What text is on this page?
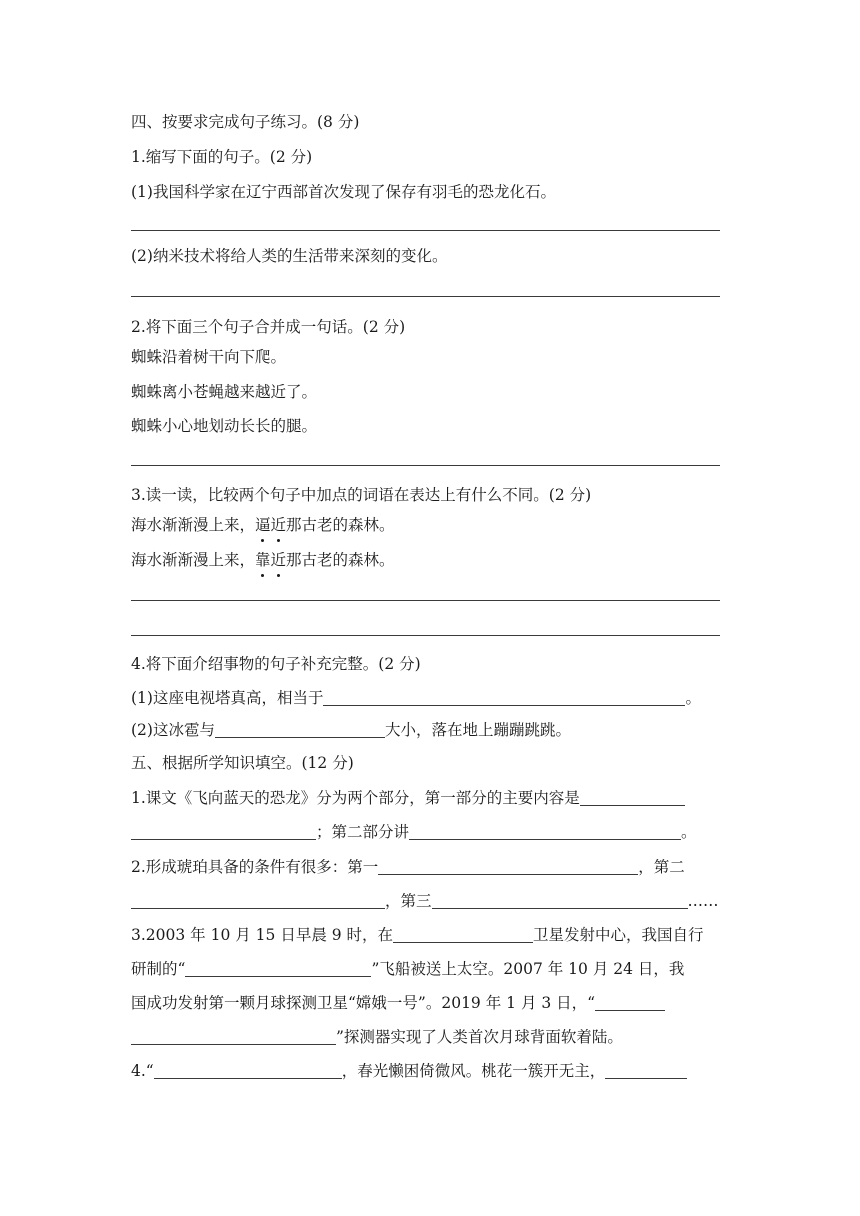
四、按要求完成句子练习。(8 分)
1.缩写下面的句子。(2 分)
(1)我国科学家在辽宁西部首次发现了保存有羽毛的恐龙化石。
(2)纳米技术将给人类的生活带来深刻的变化。
2.将下面三个句子合并成一句话。(2 分)
蜘蛛沿着树干向下爬。
蜘蛛离小苍蝇越来越近了。
蜘蛛小心地划动长长的腿。
3.读一读，比较两个句子中加点的词语在表达上有什么不同。(2 分)
海水渐渐漫上来，逼近那古老的森林。
海水渐渐漫上来，靠近那古老的森林。
4.将下面介绍事物的句子补充完整。(2 分)
(1)这座电视塔真高，相当于	。
(2)这冰雹与	大小，落在地上蹦蹦跳跳。
五、根据所学知识填空。(12 分)
1.课文《飞向蓝天的恐龙》分为两个部分，第一部分的主要内容是
；第二部分讲	。
2.形成琥珀具备的条件有很多：第一	，第二
，第三	……
3.2003 年 10 月 15 日早晨 9 时，在	卫星发射中心，我国自行
研制的“	”飞船被送上太空。2007 年 10 月 24 日，我
国成功发射第一颗月球探测卫星“嫦娥一号”。2019 年 1 月 3 日，“
”探测器实现了人类首次月球背面软着陆。
4.“	，春光懒困倚微风。桃花一簇开无主，
